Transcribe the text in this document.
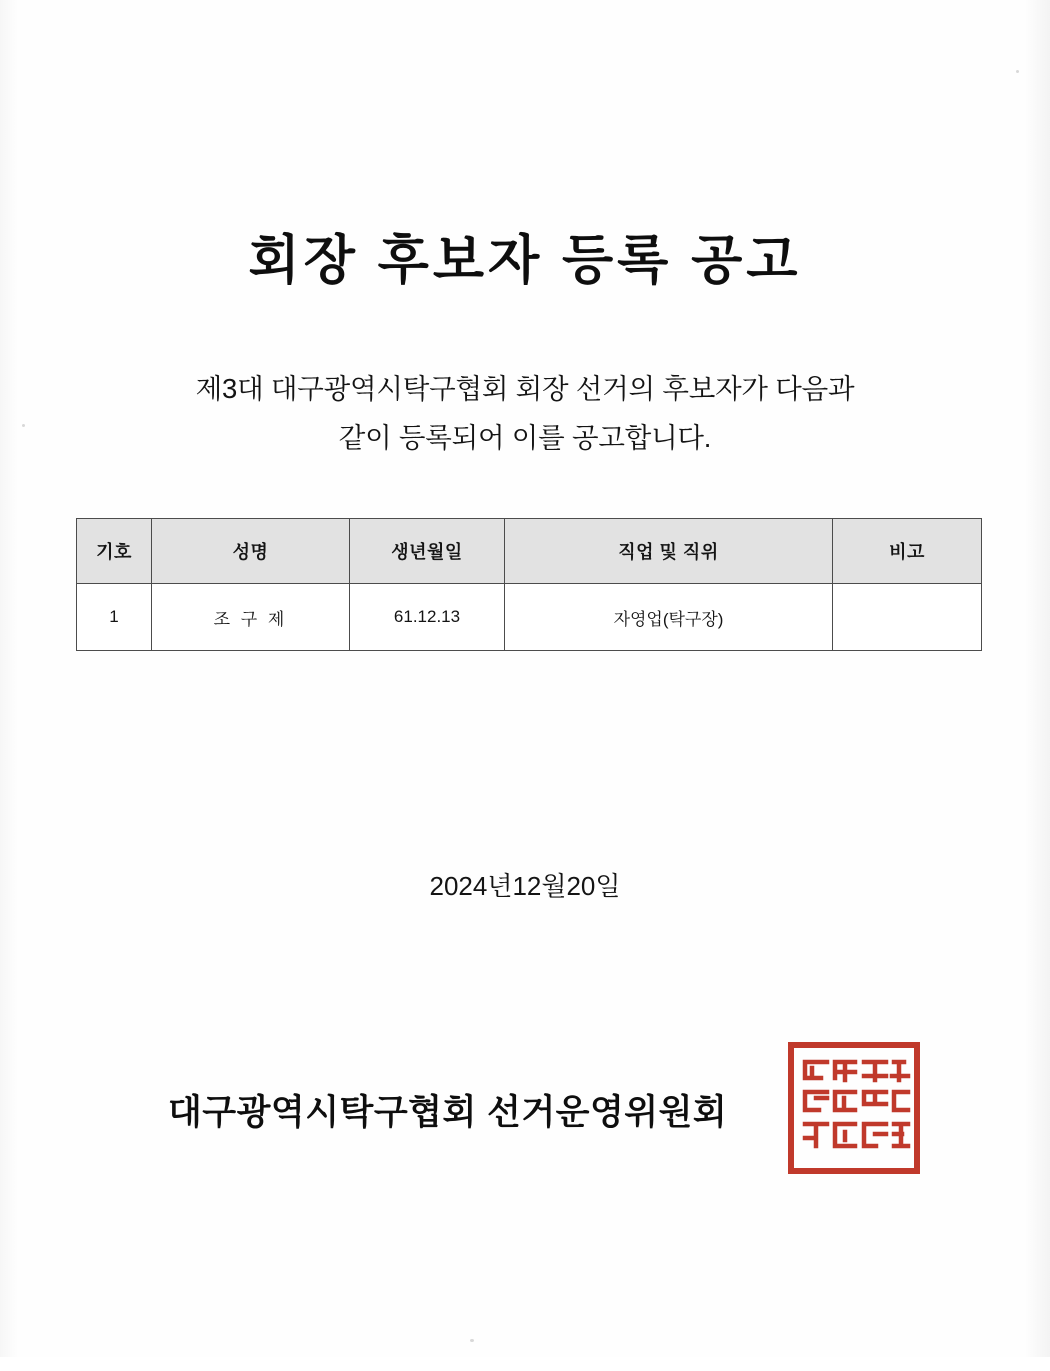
회장 후보자 등록 공고
제3대 대구광역시탁구협회 회장 선거의 후보자가 다음과
같이 등록되어 이를 공고합니다.
기호	성명	생년월일	직업 및 직위	비고
1	조 구 제	61.12.13	자영업(탁구장)	
2024년12월20일
대구광역시탁구협회 선거운영위원회
